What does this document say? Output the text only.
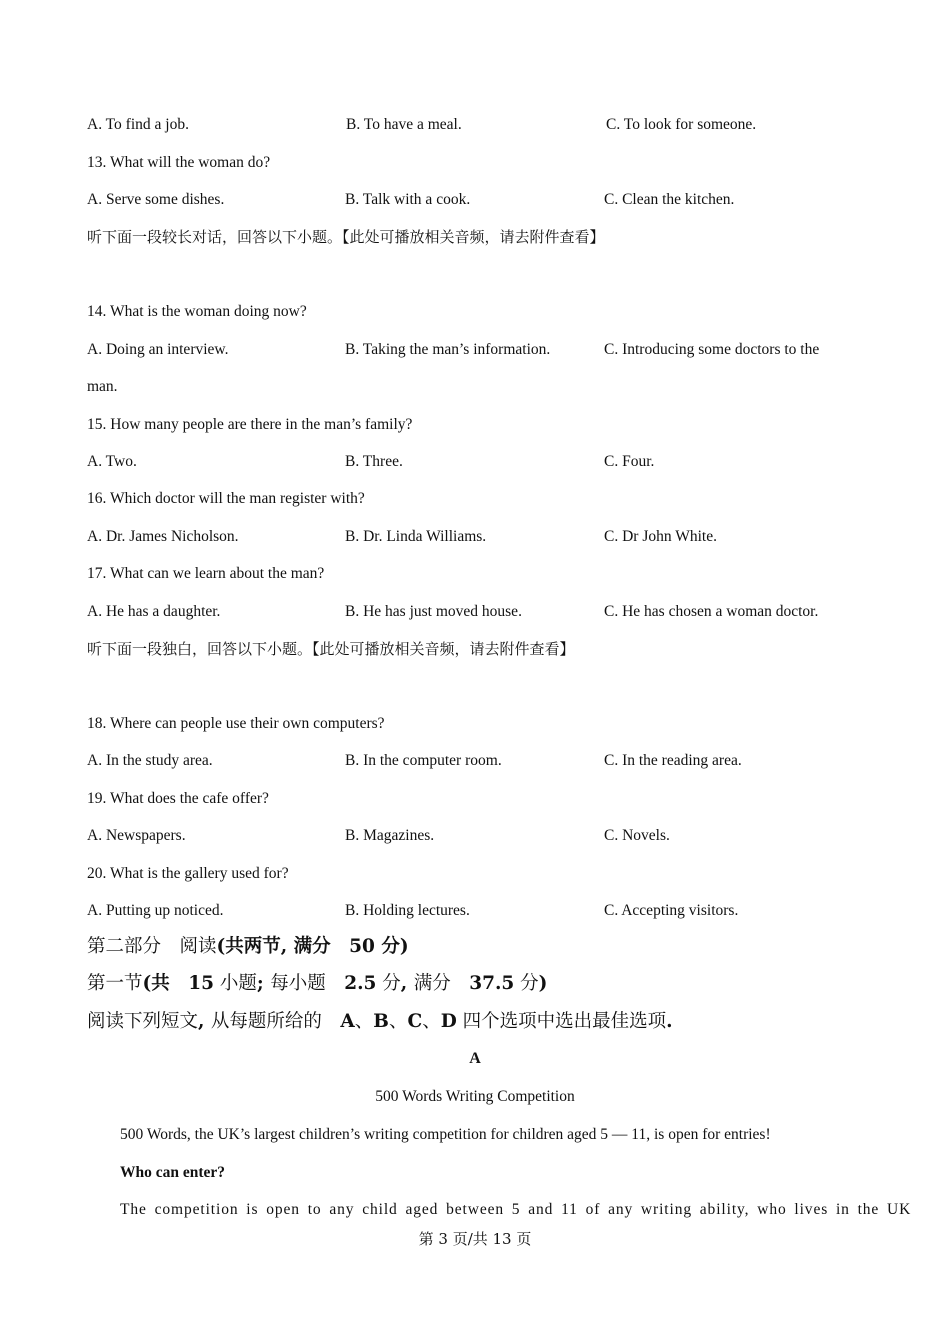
A. To find a job.	B. To have a meal.	C. To look for someone.
13. What will the woman do?
A. Serve some dishes.	B. Talk with a cook.	C. Clean the kitchen.
听下面一段较长对话，回答以下小题。【此处可播放相关音频，请去附件查看】
14. What is the woman doing now?
A. Doing an interview.	B. Taking the man’s information.	C. Introducing some doctors to the
man.
15. How many people are there in the man’s family?
A. Two.	B. Three.	C. Four.
16. Which doctor will the man register with?
A. Dr. James Nicholson.	B. Dr. Linda Williams.	C. Dr John White.
17. What can we learn about the man?
A. He has a daughter.	B. He has just moved house.	C. He has chosen a woman doctor.
听下面一段独白，回答以下小题。【此处可播放相关音频，请去附件查看】
18. Where can people use their own computers?
A. In the study area.	B. In the computer room.	C. In the reading area.
19. What does the cafe offer?
A. Newspapers.	B. Magazines.	C. Novels.
20. What is the gallery used for?
A. Putting up noticed.	B. Holding lectures.	C. Accepting visitors.
第二部分　阅读(共两节, 满分　50 分)
第一节(共　15 小题; 每小题　2.5 分, 满分　37.5 分)
阅读下列短文, 从每题所给的　A、B、C、D 四个选项中选出最佳选项.
A
500 Words Writing Competition
500 Words, the UK’s largest children’s writing competition for children aged 5 — 11, is open for entries!
Who can enter?
The competition is open to any child aged between 5 and 11 of any writing ability, who lives in the UK
第 3 页/共 13 页
